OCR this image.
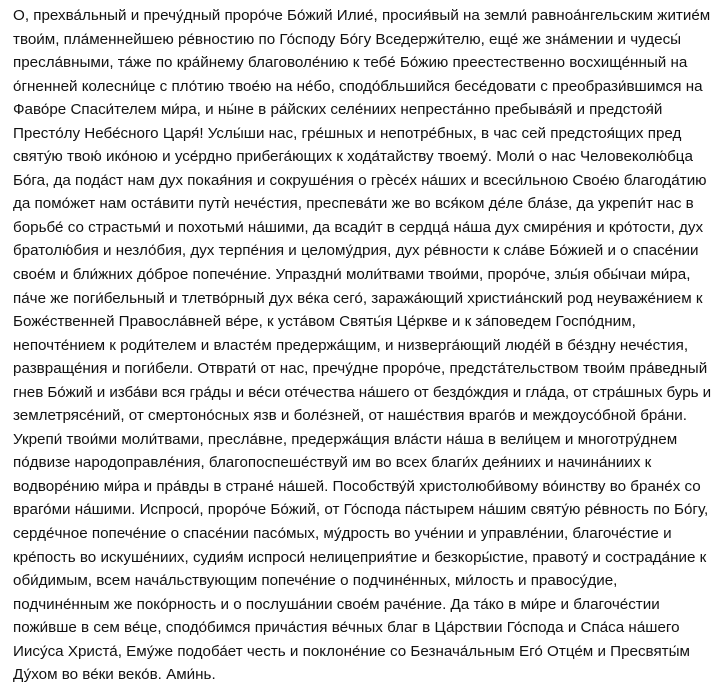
О, прехва́льный и пречу́дный проро́че Бо́жий Илие́, просия́вый на земли́ равноа́нгельским житие́м
твои́м, пла́меннейшею ре́вностию по Го́споду Бо́гу Вседержи́телю, еще́ же зна́мении и чудесы́
пресла́вными, та́же по кра́йнему благоволе́нию к тебе́ Бо́жию преестественно восхище́нный на
о́гненней колесни́це с пло́тию твое́ю на не́бо, сподо́бльшийся бесе́довати с преобрази́вшимся на
Фаво́ре Спаси́телем ми́ра, и ны́не в ра́йских селе́ниих непреста́нно пребыва́яй и предстоя́й
Престо́лу Небе́сного Царя́! Услы́ши нас, гре́шных и непотре́бных, в час сей предстоя́щих пред
святу́ю твою́ ико́ною и усе́рдно прибега́ющих к хода́тайству твоему́. Моли́ о нас Человеколю́бца
Бо́га, да пода́ст нам дух покая́ния и сокруше́ния о грѐсе́х на́ших и всеси́льною Свое́ю благода́тию
да помо́жет нам оста́вити путѝ нече́стия, преспева́ти же во вся́ком де́ле бла́зе, да укрепи́т нас в
борьбе́ со страстьми́ и похотьми́ на́шими, да всади́т в сердца́ на́ша дух смире́ния и кро́тости, дух
братолю́бия и незло́бия, дух терпе́ния и целому́дрия, дух ре́вности к сла́ве Бо́жией и о спасе́нии
свое́м и бли́жних до́брое попече́ние. Упраздни́ моли́твами твои́ми, проро́че, злы́я обы́чаи ми́ра,
па́че же поги́бельный и тлетво́рный дух ве́ка сего́, заража́ющий христиа́нский род неуваже́нием к
Боже́ственней Правосла́вней ве́ре, к уста́вом Святы́я Це́ркве и к за́поведем Госпо́дним,
непочте́нием к роди́телем и власте́м предержа́щим, и низверга́ющий люде́й в бе́здну нече́стия,
развраще́ния и поги́бели. Отврати́ от нас, пречу́дне проро́че, предста́тельством твои́м пра́ведный
гнев Бо́жий и изба́ви вся гра́ды и ве́си оте́чества на́шего от бездо́ждия и гла́да, от стра́шных бурь и
землетрясе́ний, от смертоно́сных язв и боле́зней, от наше́ствия враго́в и междоусо́бной бра́ни.
Укрепи́ твои́ми моли́твами, пресла́вне, предержа́щия вла́сти на́ша в вели́цем и многотру́днем
по́двизе народоправле́ния, благопоспеше́ствуй им во всех благи́х дея́ниих и начина́ниих к
водворе́нию ми́ра и пра́вды в стране́ на́шей. Пособству́й христолюби́вому во́инству во бране́х со
враго́ми на́шими. Испроси́, проро́че Бо́жий, от Го́спода па́стырем на́шим святу́ю ре́вность по Бо́гу,
серде́чное попече́ние о спасе́нии пасо́мых, му́дрость во уче́нии и управле́нии, благоче́стие и
кре́пость во искуше́ниих, судия́м испроси́ нелицеприя́тие и безкоры́стие, правоту́ и сострада́ние к
оби́димым, всем нача́льствующим попече́ние о подчине́нных, ми́лость и правосу́дие,
подчине́нным же поко́рность и о послуша́нии свое́м раче́ние. Да та́ко в ми́ре и благоче́стии
пожи́вше в сем ве́це, сподо́бимся прича́стия ве́чных благ в Ца́рствии Го́спода и Спа́са на́шего
Иису́са Христа́, Ему́же подоба́ет честь и поклоне́ние со Безнача́льным Его́ Отце́м и Пресвяты́м
Ду́хом во ве́ки веко́в. Ами́нь.
